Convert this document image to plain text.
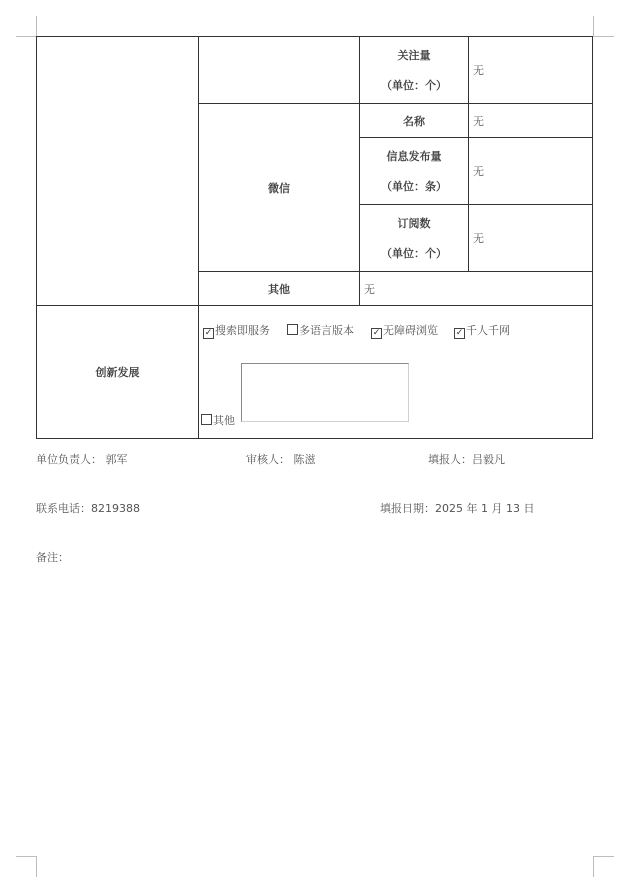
		关注量
（单位：个）	无
	微信	名称	无

		信息发布量
（单位：条）	无

		订阅数
（单位：个）	无
	其他	无	
创新发展	✓ 搜索即服务 多语言版本 ✓ 无障碍浏览 ✓ 千人千网
其他		
单位负责人： 郭军	审核人： 陈滋	填报人：吕毅凡
联系电话：8219388	填报日期：2025 年 1 月 13 日
备注：
